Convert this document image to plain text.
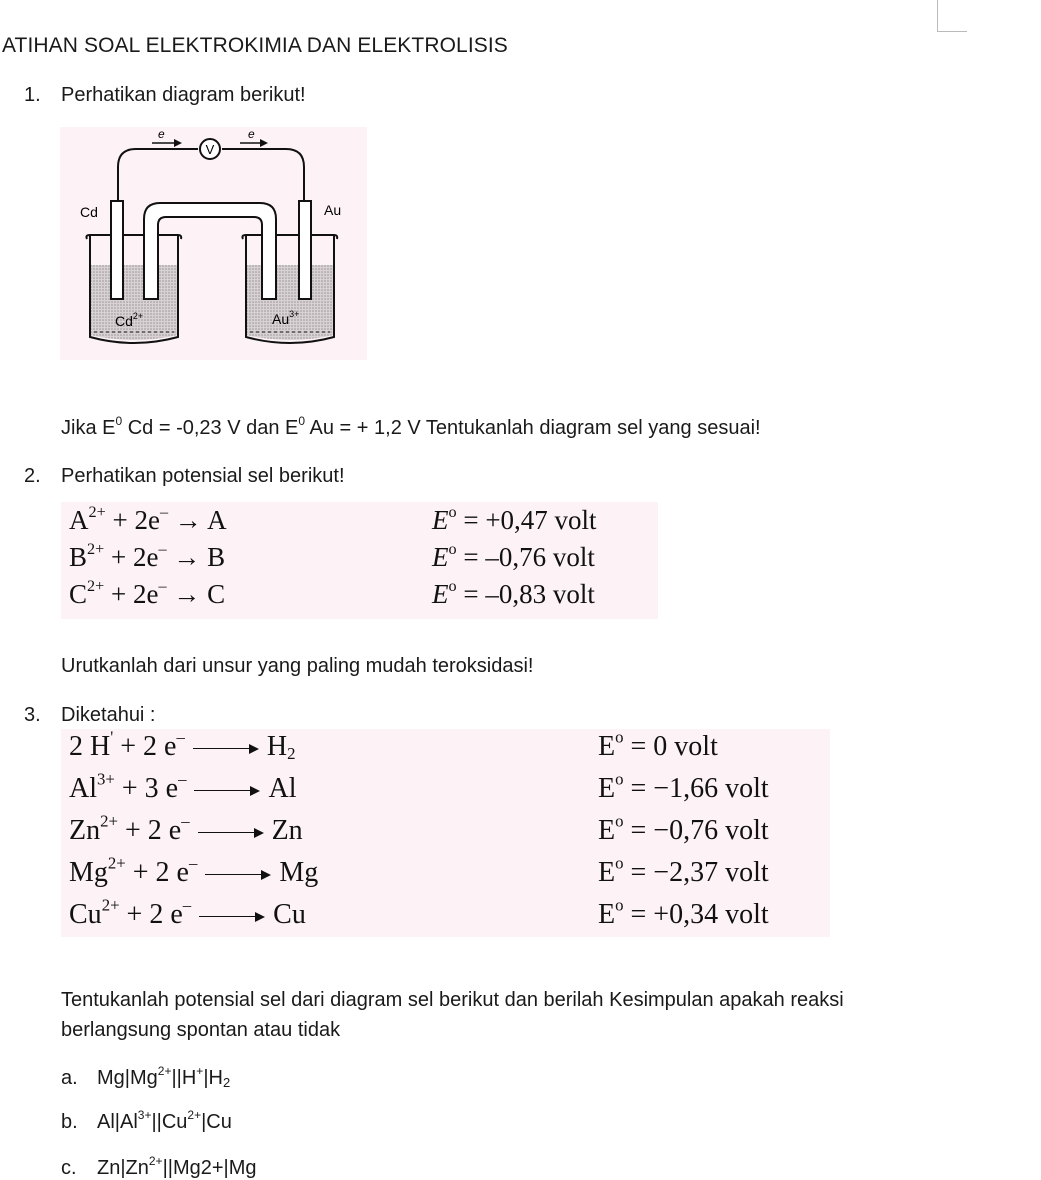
ATIHAN SOAL ELEKTROKIMIA DAN ELEKTROLISIS
1. Perhatikan diagram berikut!
V
e	e
Cd	Au
$Cd^{2+}$	$Au^{3+}$
Jika $E^0$ Cd = -0,23 V dan $E^0$ Au = + 1,2 V Tentukanlah diagram sel yang sesuai!
2. Perhatikan potensial sel berikut!
$A^{2+} + 2e^- \to A$	$E^o = +0,47$ volt
$B^{2+} + 2e^- \to B$	$E^o = -0,76$ volt
$C^{2+} + 2e^- \to C$	$E^o = -0,83$ volt
Urutkanlah dari unsur yang paling mudah teroksidasi!
3. Diketahui :
2 H' + 2 e–	$H_2$	$E^o = 0$ volt
$Al^{3+} + 3$ e–	Al	$E^o = -1,66$ volt
$Zn^{2+} + 2$ e–	Zn	$E^o = -0,76$ volt
$Mg^{2+} + 2$ e–	Mg	$E^o = -2,37$ volt
$Cu^{2+} + 2$ e–	Cu	$E^o = +0,34$ volt
Tentukanlah potensial sel dari diagram sel berikut dan berilah Kesimpulan apakah reaksi
berlangsung spontan atau tidak
a. $Mg|Mg^{2+}||H^+|H2$
b. $Al|Al^{3+}||Cu^{2+}|Cu$
c. $Zn|Zn^{2+}||Mg2+|Mg$
